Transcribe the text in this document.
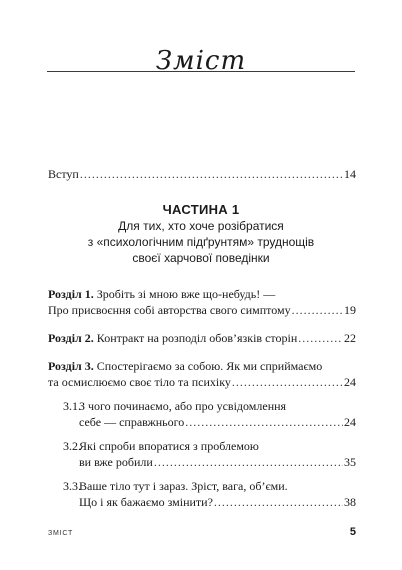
Зміст
Вступ . . .	14
ЧАСТИНА 1
Для тих, хто хоче розібратися
з «психологічним підґрунтям» труднощів
своєї харчової поведінки
Розділ 1. Зробіть зі мною вже що-небудь! —
Про присвоєння собі авторства свого симптому . . .	19
Розділ 2. Контракт на розподіл обов’язків сторін . . .	22
Розділ 3. Спостерігаємо за собою. Як ми сприймаємо
та осмислюємо своє тіло та психіку . . .	24
3.1.
З чого починаємо, або про усвідомлення
себе — справжнього . . .	24
3.2.
Які спроби впоратися з проблемою
ви вже робили . . .	35
3.3.
Ваше тіло тут і зараз. Зріст, вага, об’єми.
Що і як бажаємо змінити? . . .	38
ЗМІСТ	5
